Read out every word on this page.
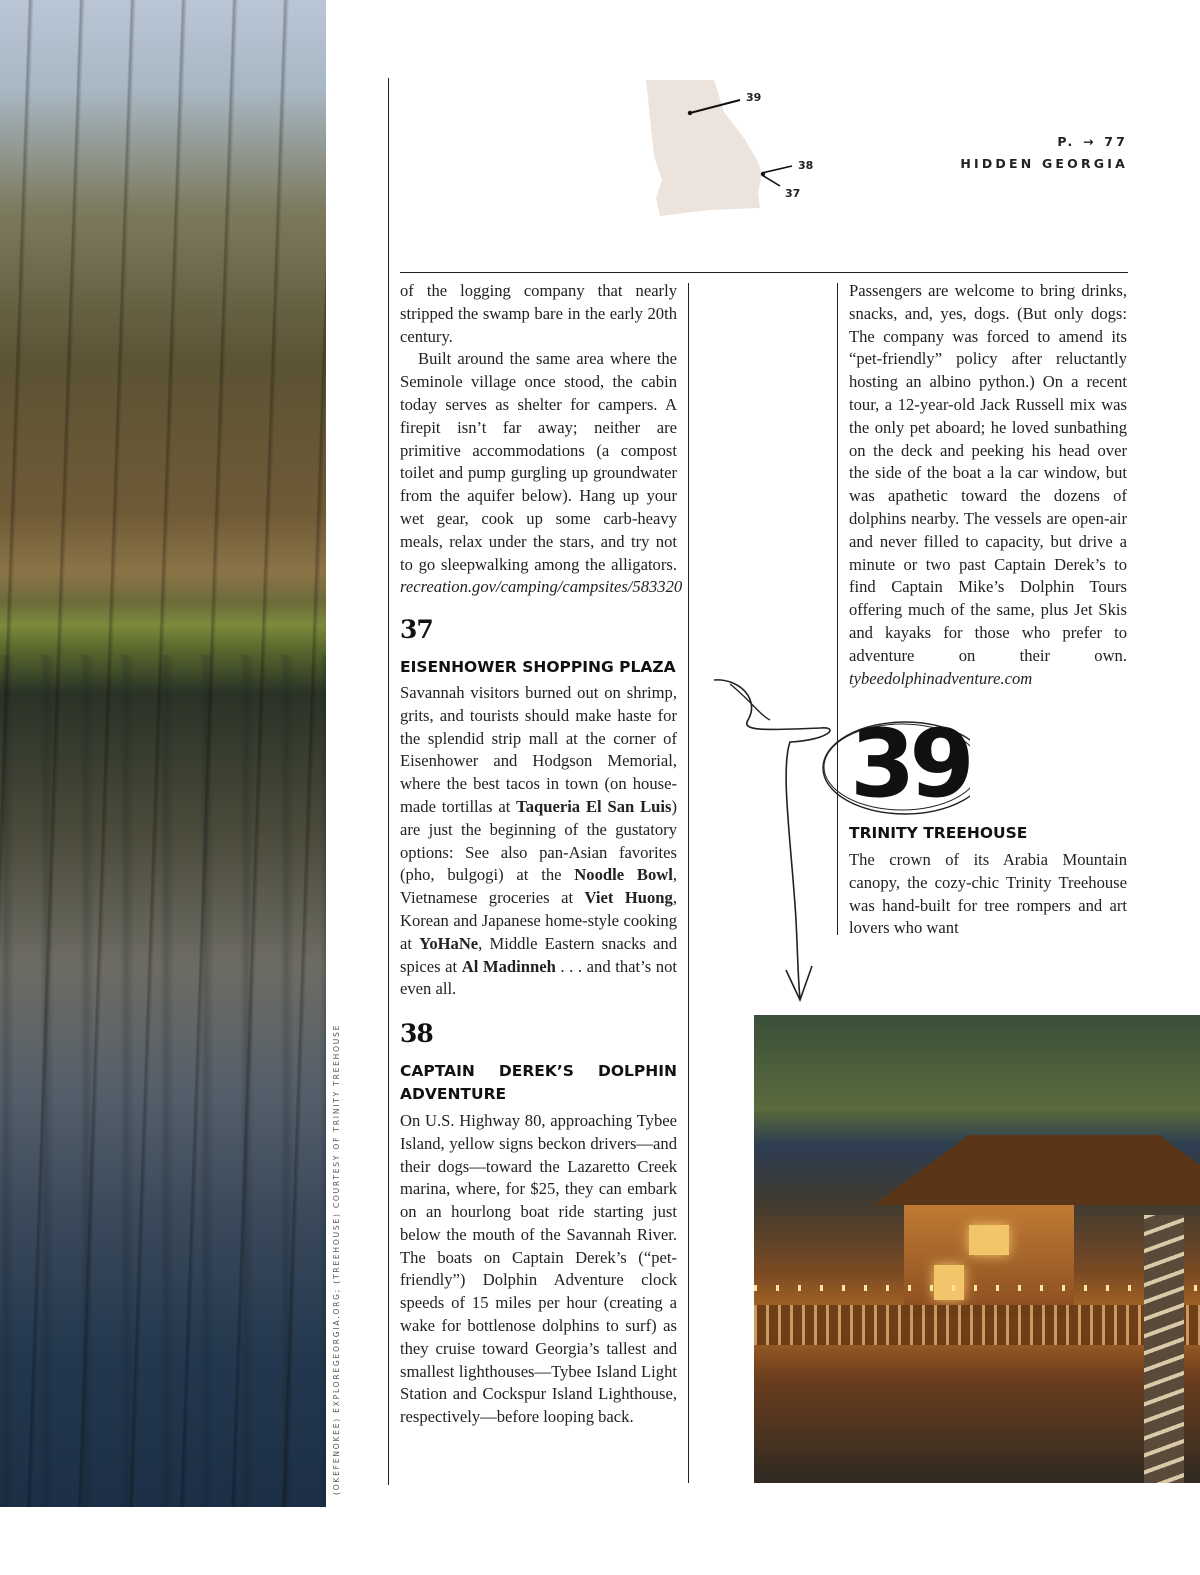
(OKEFENOKEE) EXPLOREGEORGIA.ORG; (TREEHOUSE) COURTESY OF TRINITY TREEHOUSE
39
38
37
P. → 77
HIDDEN GEORGIA

of the logging company that nearly stripped the swamp bare in the early 20th century.

Built around the same area where the Seminole village once stood, the cabin today serves as shelter for campers. A firepit isn’t far away; neither are primitive accommodations (a compost toilet and pump gurgling up groundwater from the aquifer below). Hang up your wet gear, cook up some carb-heavy meals, relax under the stars, and try not to go sleepwalking among the alligators. recreation.gov/camping/campsites/583320

37

EISENHOWER SHOPPING PLAZA

Savannah visitors burned out on shrimp, grits, and tourists should make haste for the splendid strip mall at the corner of Eisenhower and Hodgson Memorial, where the best tacos in town (on house-made tortillas at Taqueria El San Luis) are just the beginning of the gustatory options: See also pan-Asian favorites (pho, bulgogi) at the Noodle Bowl, Vietnamese groceries at Viet Huong, Korean and Japanese home-style cooking at YoHaNe, Middle Eastern snacks and spices at Al Madinneh . . . and that’s not even all.

38

CAPTAIN DEREK’S DOLPHIN ADVENTURE

On U.S. Highway 80, approaching Tybee Island, yellow signs beckon drivers—and their dogs—toward the Lazaretto Creek marina, where, for $25, they can embark on an hourlong boat ride starting just below the mouth of the Savannah River. The boats on Captain Derek’s (“pet-friendly”) Dolphin Adventure clock speeds of 15 miles per hour (creating a wake for bottlenose dolphins to surf) as they cruise toward Georgia’s tallest and smallest lighthouses—Tybee Island Light Station and Cockspur Island Lighthouse, respectively—before looping back.

Passengers are welcome to bring drinks, snacks, and, yes, dogs. (But only dogs: The company was forced to amend its “pet-friendly” policy after reluctantly hosting an albino python.) On a recent tour, a 12-year-old Jack Russell mix was the only pet aboard; he loved sunbathing on the deck and peeking his head over the side of the boat a la car window, but was apathetic toward the dozens of dolphins nearby. The vessels are open-air and never filled to capacity, but drive a minute or two past Captain Derek’s to find Captain Mike’s Dolphin Tours offering much of the same, plus Jet Skis and kayaks for those who prefer to adventure on their own. tybeedolphinadventure.com

39

TRINITY TREEHOUSE

The crown of its Arabia Mountain canopy, the cozy-chic Trinity Treehouse was hand-built for tree rompers and art lovers who want
